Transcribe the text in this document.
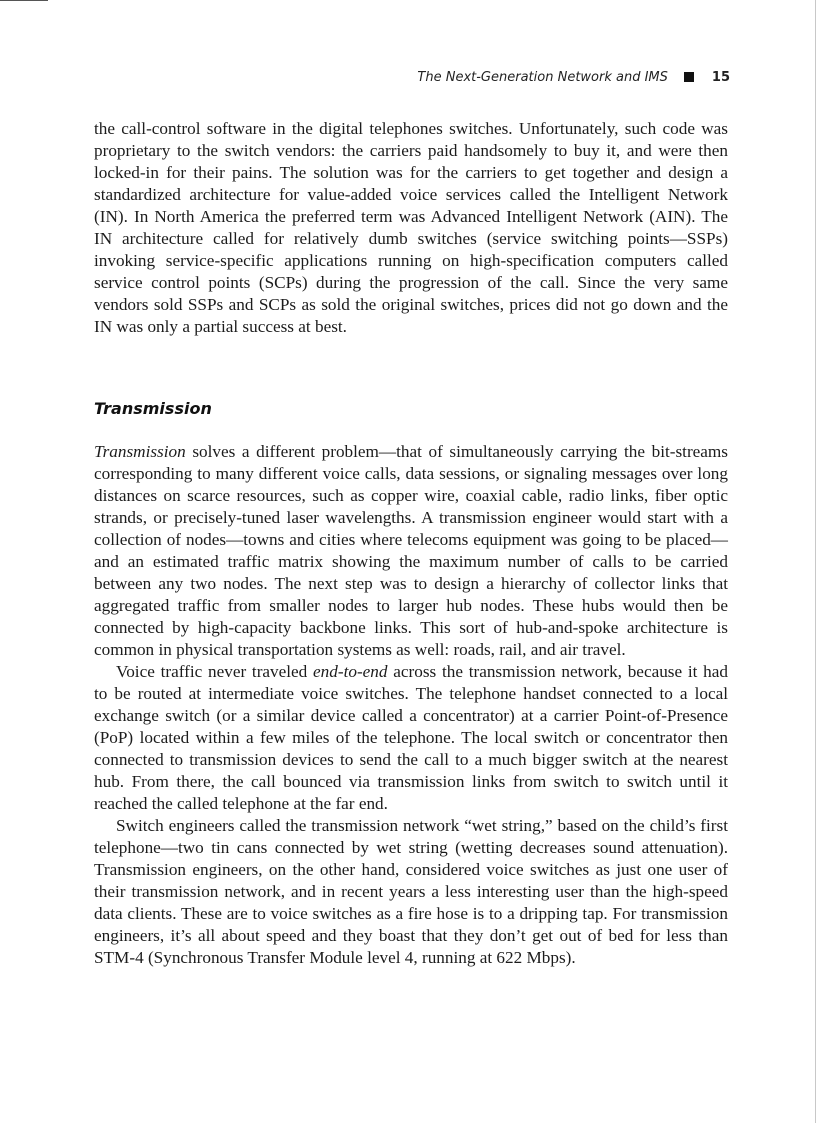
The Next-Generation Network and IMS	15

the call-control software in the digital telephones switches. Unfortunately, such code was proprietary to the switch vendors: the carriers paid handsomely to buy it, and were then locked-in for their pains. The solution was for the carriers to get together and design a standardized architecture for value-added voice services called the Intelligent Network (IN). In North America the preferred term was Advanced Intelligent Network (AIN). The IN architecture called for relatively dumb switches (service switching points—SSPs) invoking service-specific applications running on high-specification computers called service control points (SCPs) during the progression of the call. Since the very same vendors sold SSPs and SCPs as sold the original switches, prices did not go down and the IN was only a partial success at best.

Transmission

Transmission solves a different problem—that of simultaneously carrying the bit-streams corresponding to many different voice calls, data sessions, or signaling messages over long distances on scarce resources, such as copper wire, coaxial cable, radio links, fiber optic strands, or precisely-tuned laser wavelengths. A transmission engineer would start with a collection of nodes—towns and cities where telecoms equipment was going to be placed—and an estimated traffic matrix showing the maximum number of calls to be carried between any two nodes. The next step was to design a hierarchy of collector links that aggregated traffic from smaller nodes to larger hub nodes. These hubs would then be connected by high-capacity backbone links. This sort of hub-and-spoke architecture is common in physical transportation systems as well: roads, rail, and air travel.

Voice traffic never traveled end-to-end across the transmission network, because it had to be routed at intermediate voice switches. The telephone handset connected to a local exchange switch (or a similar device called a concentrator) at a carrier Point-of-Presence (PoP) located within a few miles of the telephone. The local switch or concentrator then connected to transmission devices to send the call to a much bigger switch at the nearest hub. From there, the call bounced via transmission links from switch to switch until it reached the called telephone at the far end.

Switch engineers called the transmission network “wet string,” based on the child’s first telephone—two tin cans connected by wet string (wetting decreases sound attenuation). Transmission engineers, on the other hand, considered voice switches as just one user of their transmission network, and in recent years a less interesting user than the high-speed data clients. These are to voice switches as a fire hose is to a dripping tap. For transmission engineers, it’s all about speed and they boast that they don’t get out of bed for less than STM-4 (Synchronous Transfer Module level 4, running at 622 Mbps).
